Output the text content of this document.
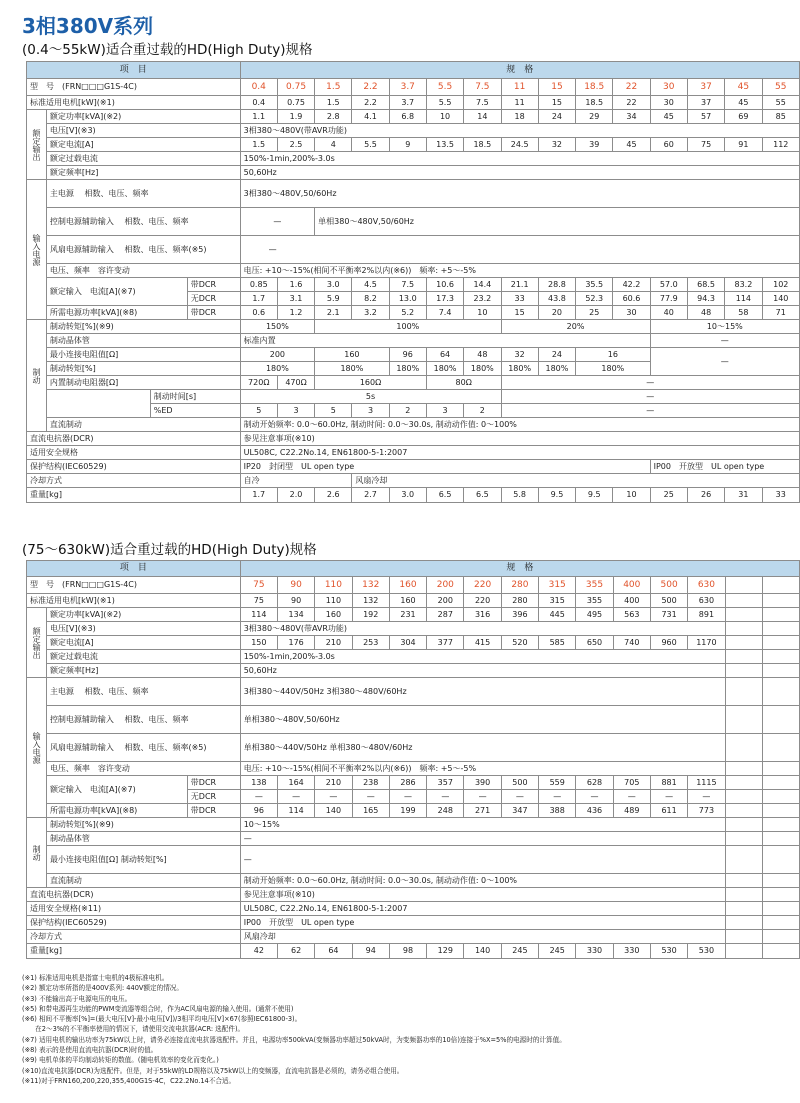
3相380V系列
(0.4～55kW)适合重过载的HD(High Duty)规格
(75～630kW)适合重过载的HD(High Duty)规格
项　目				规　格														
型　号　(FRN□□□G1S-4C)				0.4	0.75	1.5	2.2	3.7	5.5	7.5	11	15	18.5	22	30	37	45	55
标准适用电机[kW](※1)				0.4	0.75	1.5	2.2	3.7	5.5	7.5	11	15	18.5	22	30	37	45	55
额定输出	额定功率[kVA](※2)			1.1	1.9	2.8	4.1	6.8	10	14	18	24	29	34	45	57	69	85
	电压[V](※3)			3相380～480V(带AVR功能)														
	额定电流[A]			1.5	2.5	4	5.5	9	13.5	18.5	24.5	32	39	45	60	75	91	112
	额定过载电流			150%-1min,200%-3.0s														
	额定频率[Hz]			50,60Hz														
输入电源	主电源 　相数、电压、频率			3相380～480V,50/60Hz														
	控制电源辅助输入 　相数、电压、频率			—		单相380～480V,50/60Hz												
	风扇电源辅助输入 　相数、电压、频率(※5)			—														
	电压、频率　容许变动			电压: +10～-15%(相间不平衡率2%以内(※6))　频率: +5～-5%														
	额定输入　电流[A](※7)		带DCR	0.85	1.6	3.0	4.5	7.5	10.6	14.4	21.1	28.8	35.5	42.2	57.0	68.5	83.2	102
			无DCR	1.7	3.1	5.9	8.2	13.0	17.3	23.2	33	43.8	52.3	60.6	77.9	94.3	114	140
	所需电源功率[kVA](※8)		带DCR	0.6	1.2	2.1	3.2	5.2	7.4	10	15	20	25	30	40	48	58	71
制动	制动转矩[%](※9)			150%		100%					20%				10～15%			
	制动晶体管			标准内置											—			
	最小连接电阻值[Ω]			200		160		96	64	48	32	24	16		—			
	制动转矩[%]			180%		180%		180%	180%	180%	180%	180%	180%					
	内置制动电阻器[Ω]			720Ω	470Ω	160Ω			80Ω		—							
		制动时间[s]		5s							—							
		%ED		5	3	5	3	2	3	2	—							
	直流制动			制动开始频率: 0.0～60.0Hz, 制动时间: 0.0～30.0s, 制动动作值: 0～100%														
直流电抗器(DCR)				参见注意事项(※10)														
适用安全规格				UL508C, C22.2No.14, EN61800-5-1:2007														
保护结构(IEC60529)				IP20　封闭型　UL open type											IP00　开放型　UL open type			
冷却方式				自冷			风扇冷却											
重量[kg]				1.7	2.0	2.6	2.7	3.0	6.5	6.5	5.8	9.5	9.5	10	25	26	31	33
项　目			规　格														
型　号　(FRN□□□G1S-4C)			75	90	110	132	160	200	220	280	315	355	400	500	630		
标准适用电机[kW](※1)			75	90	110	132	160	200	220	280	315	355	400	500	630		
额定输出	额定功率[kVA](※2)		114	134	160	192	231	287	316	396	445	495	563	731	891		
	电压[V](※3)		3相380～480V(带AVR功能)														
	额定电流[A]		150	176	210	253	304	377	415	520	585	650	740	960	1170		
	额定过载电流		150%-1min,200%-3.0s														
	额定频率[Hz]		50,60Hz														
输入电源	主电源 　相数、电压、频率		3相380～440V/50Hz 3相380～480V/60Hz														
	控制电源辅助输入 　相数、电压、频率		单相380～480V,50/60Hz														
	风扇电源辅助输入 　相数、电压、频率(※5)		单相380～440V/50Hz 单相380～480V/60Hz														
	电压、频率　容许变动		电压: +10～-15%(相间不平衡率2%以内(※6))　频率: +5～-5%														
	额定输入　电流[A](※7)	带DCR	138	164	210	238	286	357	390	500	559	628	705	881	1115		
		无DCR	—	—	—	—	—	—	—	—	—	—	—	—	—		
	所需电源功率[kVA](※8)	带DCR	96	114	140	165	199	248	271	347	388	436	489	611	773		
制动	制动转矩[%](※9)		10～15%														
	制动晶体管		—														
	最小连接电阻值[Ω] 制动转矩[%]		—														
	直流制动		制动开始频率: 0.0～60.0Hz, 制动时间: 0.0～30.0s, 制动动作值: 0～100%														
直流电抗器(DCR)			参见注意事项(※10)														
适用安全规格(※11)			UL508C, C22.2No.14, EN61800-5-1:2007														
保护结构(IEC60529)			IP00　开放型　UL open type														
冷却方式			风扇冷却														
重量[kg]			42	62	64	94	98	129	140	245	245	330	330	530	530		
(※1) 标准适用电机是指富士电机的4极标准电机。
(※2) 额定功率所指的是400V系列: 440V额定的情况。
(※3) 不能输出高于电源电压的电压。
(※5) 和带电源再生功能的PWM变流器等组合时，作为AC风扇电源的输入使用。(通常不使用)
(※6) 相间不平衡率[%]=(最大电压[V]-最小电压[V])/3相平均电压[V]×67(参照IEC61800-3)。
　　在2～3%的不平衡率使用的情况下，请使用交流电抗器(ACR: 选配件)。
(※7) 适用电机的输出功率为75kW以上时，请务必连接直流电抗器选配件。并且，电源功率500kVA(变频器功率超过50kVA时，为变频器功率的10倍)连接于%X=5%的电源时的计算值。
(※8) 表示的是使用直流电抗器(DCR)时的值。
(※9) 电机单体的平均制动转矩的数值。(随电机效率的变化而变化。)
(※10)直流电抗器(DCR)为选配件。但是，对于55kW的LD规格以及75kW以上的变频器，直流电抗器是必须的，请务必组合使用。
(※11)对于FRN160,200,220,355,400G1S-4C，C22.2No.14不合适。
